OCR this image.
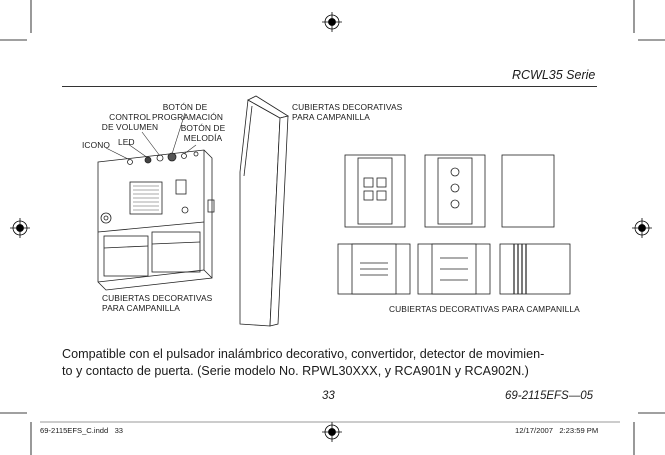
RCWL35 Serie
BOTÓN DE
PROGRAMACIÓN
CONTROL
DE VOLUMEN	BOTÓN DE
MELODÍA
LED
ICONO
CUBIERTAS DECORATIVAS
PARA CAMPANILLA
CUBIERTAS DECORATIVAS
PARA CAMPANILLA	CUBIERTAS DECORATIVAS PARA CAMPANILLA
Compatible con el pulsador inalámbrico decorativo, convertidor, detector de movimien-
to y contacto de puerta. (Serie modelo No. RPWL30XXX, y RCA901N y RCA902N.)
33	69-2115EFS—05
69-2115EFS_C.indd   33	12/17/2007   2:23:59 PM
